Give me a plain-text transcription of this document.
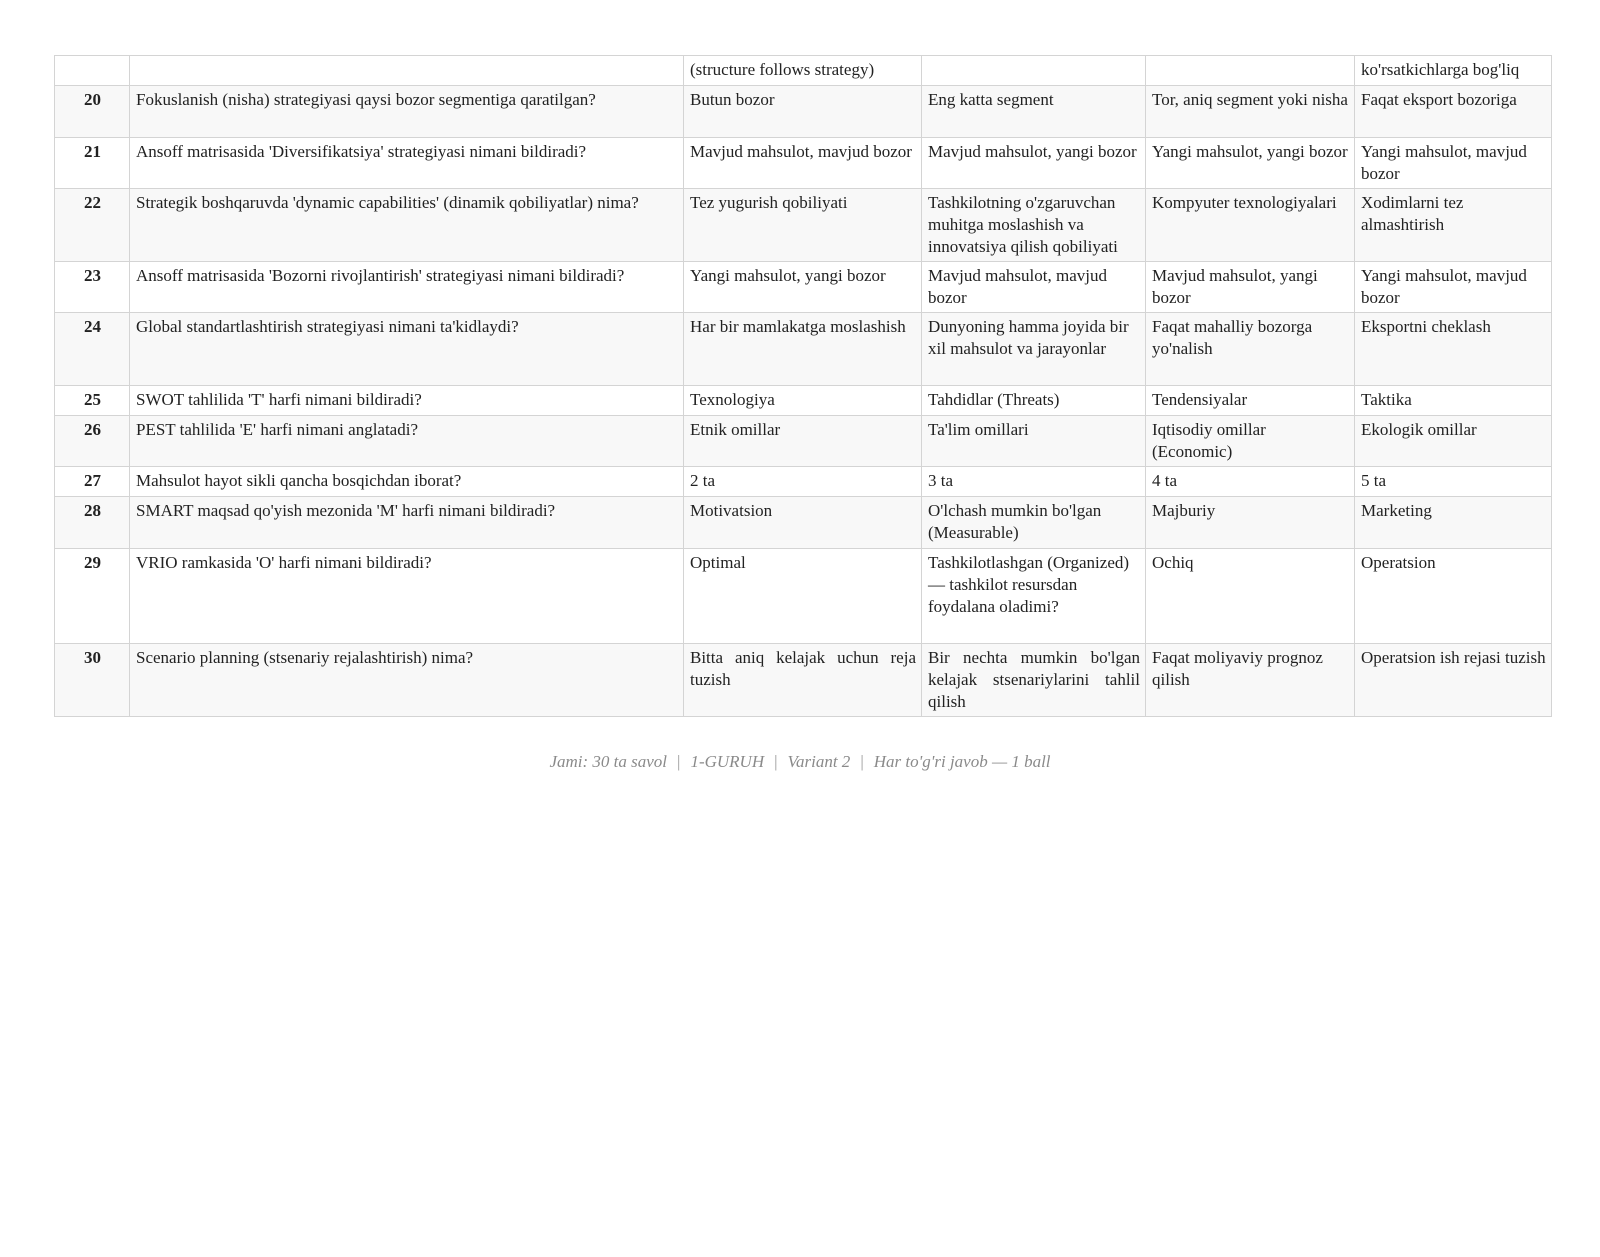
		(structure follows strategy)			ko'rsatkichlarga bog'liq
20	Fokuslanish (nisha) strategiyasi qaysi bozor segmentiga qaratilgan?	Butun bozor	Eng katta segment	Tor, aniq segment yoki nisha	Faqat eksport bozoriga
21	Ansoff matrisasida 'Diversifikatsiya' strategiyasi nimani bildiradi?	Mavjud mahsulot, mavjud bozor	Mavjud mahsulot, yangi bozor	Yangi mahsulot, yangi bozor	Yangi mahsulot, mavjud bozor
22	Strategik boshqaruvda 'dynamic capabilities' (dinamik qobiliyatlar) nima?	Tez yugurish qobiliyati	Tashkilotning o'zgaruvchan muhitga moslashish va innovatsiya qilish qobiliyati	Kompyuter texnologiyalari	Xodimlarni tez almashtirish
23	Ansoff matrisasida 'Bozorni rivojlantirish' strategiyasi nimani bildiradi?	Yangi mahsulot, yangi bozor	Mavjud mahsulot, mavjud bozor	Mavjud mahsulot, yangi bozor	Yangi mahsulot, mavjud bozor
24	Global standartlashtirish strategiyasi nimani ta'kidlaydi?	Har bir mamlakatga moslashish	Dunyoning hamma joyida bir xil mahsulot va jarayonlar	Faqat mahalliy bozorga yo'nalish	Eksportni cheklash
25	SWOT tahlilida 'T' harfi nimani bildiradi?	Texnologiya	Tahdidlar (Threats)	Tendensiyalar	Taktika
26	PEST tahlilida 'E' harfi nimani anglatadi?	Etnik omillar	Ta'lim omillari	Iqtisodiy omillar (Economic)	Ekologik omillar
27	Mahsulot hayot sikli qancha bosqichdan iborat?	2 ta	3 ta	4 ta	5 ta
28	SMART maqsad qo'yish mezonida 'M' harfi nimani bildiradi?	Motivatsion	O'lchash mumkin bo'lgan (Measurable)	Majburiy	Marketing
29	VRIO ramkasida 'O' harfi nimani bildiradi?	Optimal	Tashkilotlashgan (Organized) — tashkilot resursdan foydalana oladimi?	Ochiq	Operatsion
30	Scenario planning (stsenariy rejalashtirish) nima?	Bitta aniq kelajak uchun reja tuzish	Bir nechta mumkin bo'lgan kelajak stsenariylarini tahlil qilish	Faqat moliyaviy prognoz qilish	Operatsion ish rejasi tuzish
Jami: 30 ta savol | 1-GURUH | Variant 2 | Har to'g'ri javob — 1 ball
